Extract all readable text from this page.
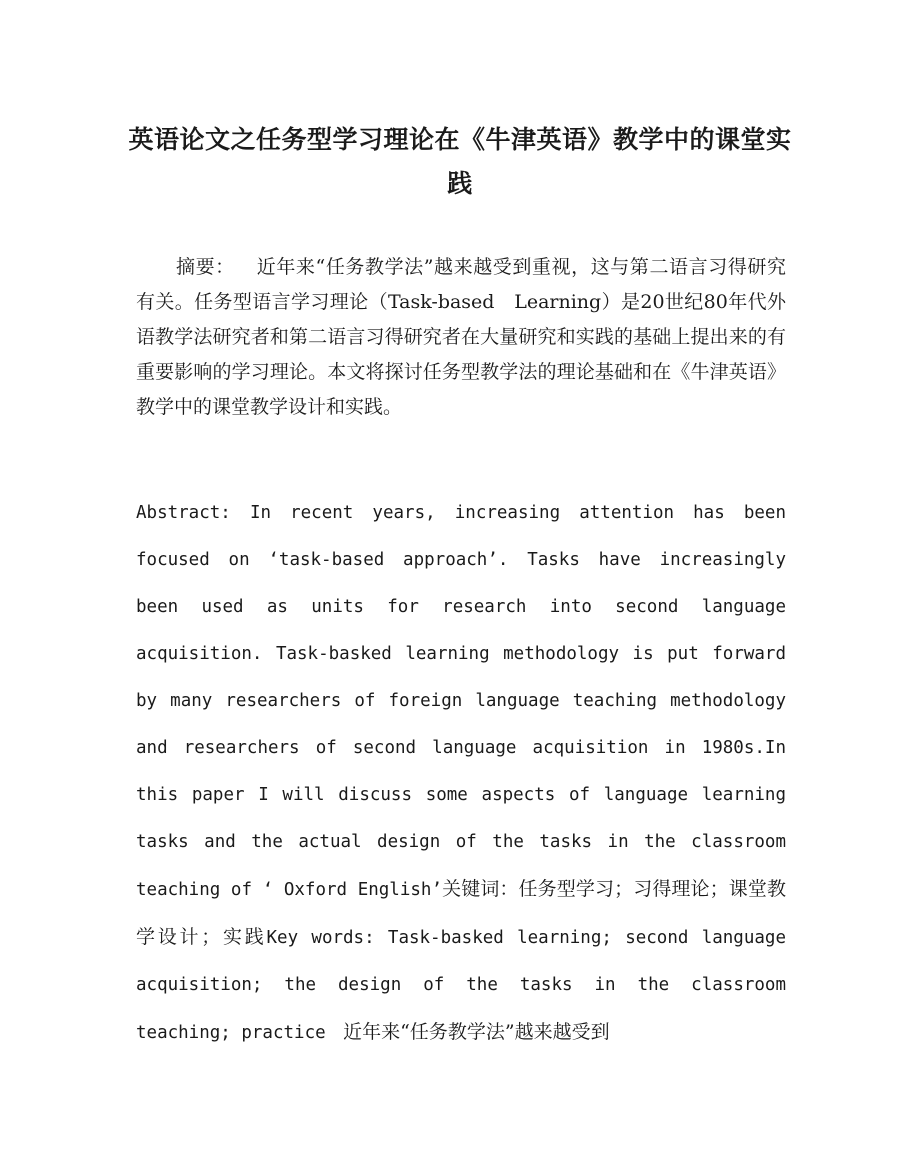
英语论文之任务型学习理论在《牛津英语》教学中的课堂实践

摘要： 近年来“任务教学法”越来越受到重视，这与第二语言习得研究有关。任务型语言学习理论（Task-based　Learning）是20世纪80年代外语教学法研究者和第二语言习得研究者在大量研究和实践的基础上提出来的有重要影响的学习理论。本文将探讨任务型教学法的理论基础和在《牛津英语》教学中的课堂教学设计和实践。

Abstract: In recent years, increasing attention has been focused on ‘task-based approach’. Tasks have increasingly been used as units for research into second language acquisition. Task-basked learning methodology is put forward by many researchers of foreign language teaching methodology and researchers of second language acquisition in 1980s.In this paper I will discuss some aspects of language learning tasks and the actual design of the tasks in the classroom teaching of ‘ Oxford English’关键词：任务型学习；习得理论；课堂教学设计；实践Key words: Task-basked learning; second language acquisition; the design of the tasks in the classroom teaching; practice　 近年来“任务教学法”越来越受到
